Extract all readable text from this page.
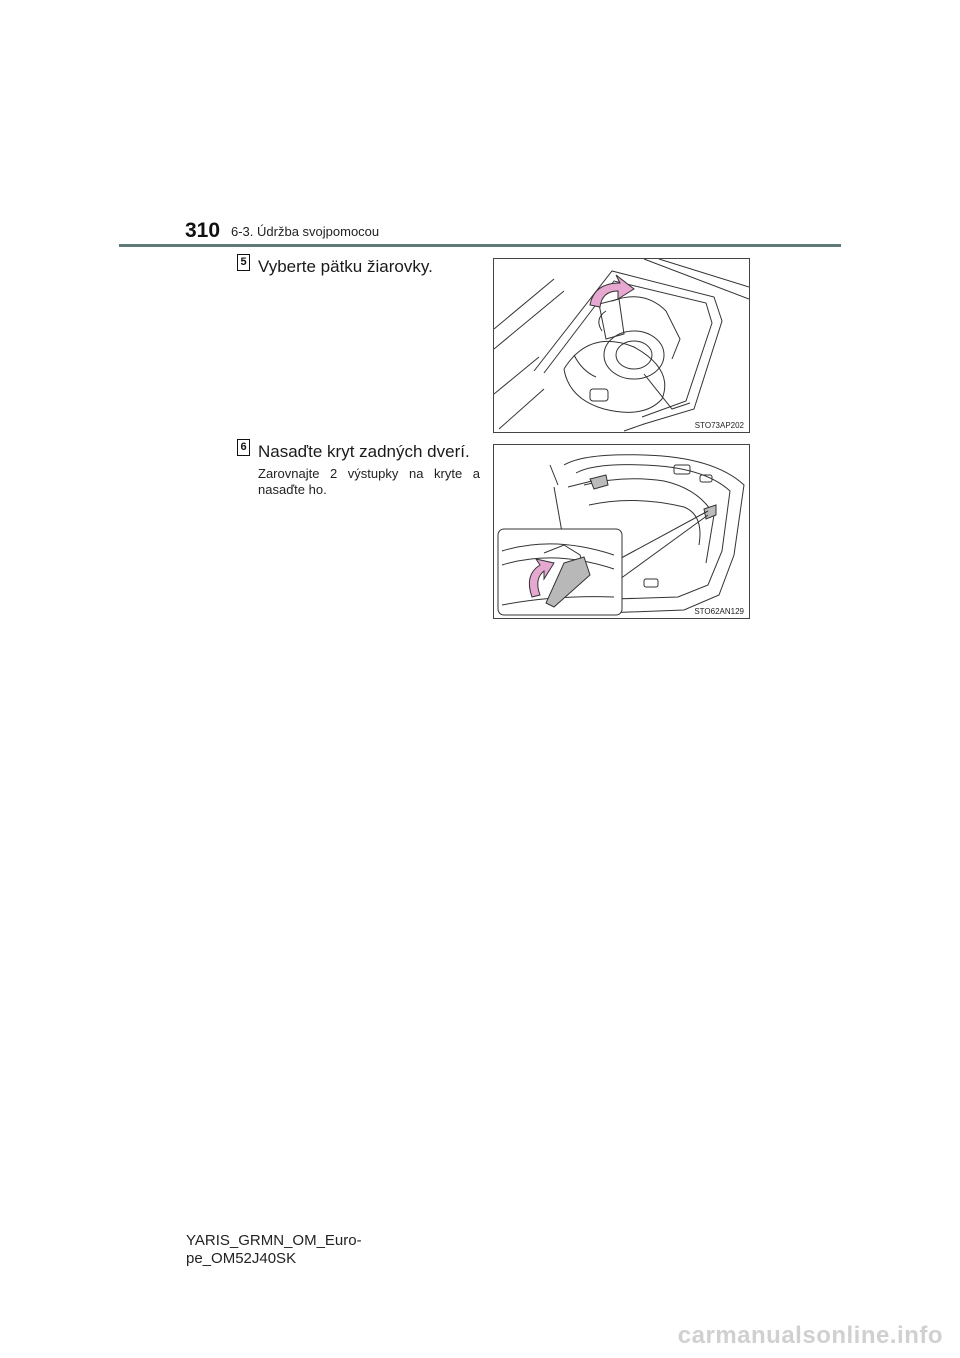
310 6-3. Údržba svojpomocou
5 Vyberte pätku žiarovky.
STO73AP202
6 Nasaďte kryt zadných dverí.
Zarovnajte 2 výstupky na kryte a nasaďte ho.
STO62AN129
YARIS_GRMN_OM_Euro-
pe_OM52J40SK
carmanualsonline.info
